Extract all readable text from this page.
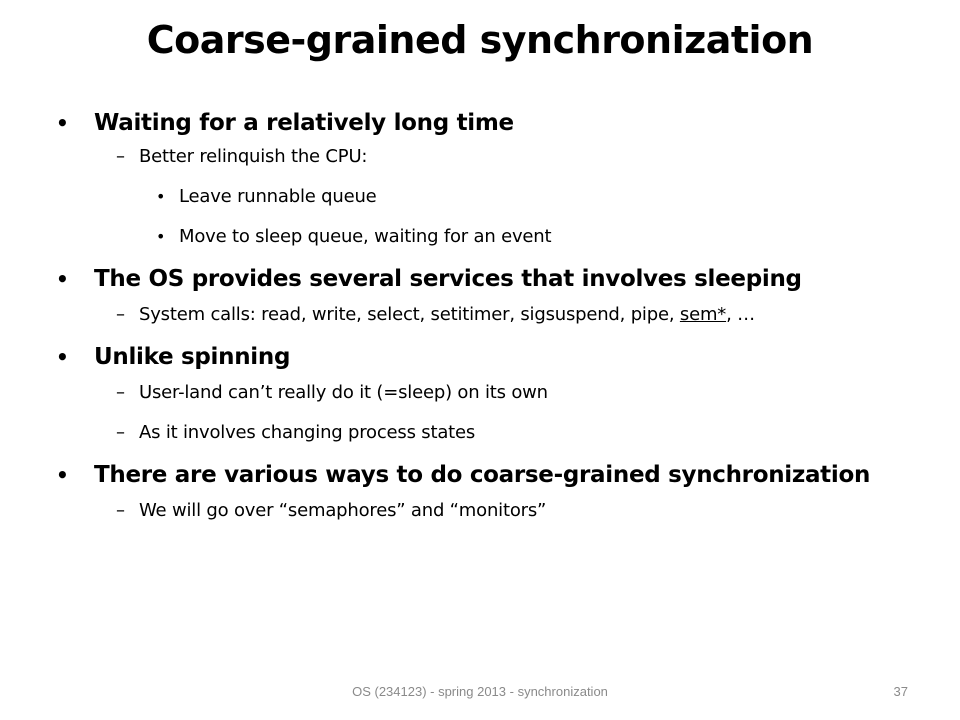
Coarse-grained synchronization
• Waiting for a relatively long time
– Better relinquish the CPU:
• Leave runnable queue
• Move to sleep queue, waiting for an event
• The OS provides several services that involves sleeping
– System calls: read, write, select, setitimer, sigsuspend, pipe, sem*, …
• Unlike spinning
– User-land can’t really do it (=sleep) on its own
– As it involves changing process states
• There are various ways to do coarse-grained synchronization
– We will go over “semaphores” and “monitors”
OS (234123) - spring 2013 - synchronization	37
